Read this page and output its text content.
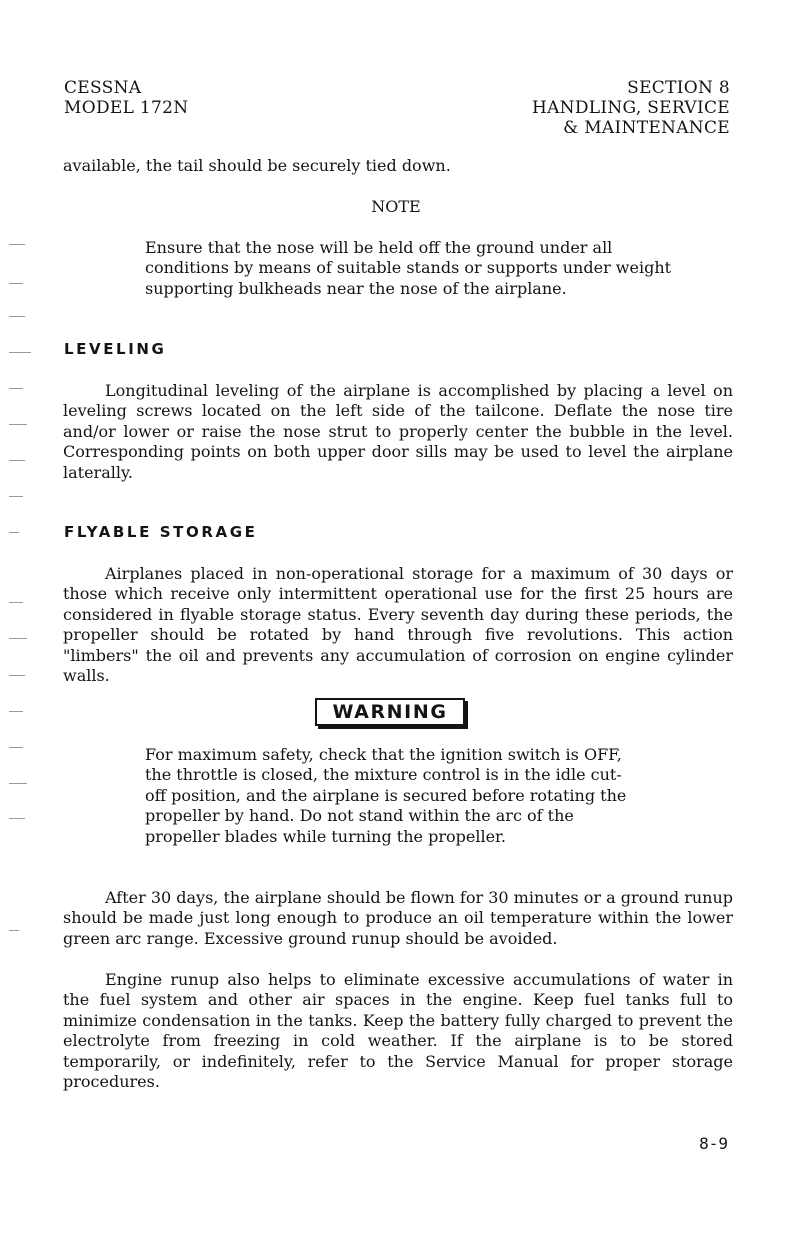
CESSNA
MODEL 172N
SECTION 8
HANDLING, SERVICE
& MAINTENANCE

available, the tail should be securely tied down.

NOTE

Ensure that the nose will be held off the ground under all conditions by means of suitable stands or supports under weight supporting bulkheads near the nose of the airplane.

LEVELING

Longitudinal leveling of the airplane is accomplished by placing a level on leveling screws located on the left side of the tailcone. Deflate the nose tire and/or lower or raise the nose strut to properly center the bubble in the level. Corresponding points on both upper door sills may be used to level the airplane laterally.

FLYABLE STORAGE

Airplanes placed in non-operational storage for a maximum of 30 days or those which receive only intermittent operational use for the first 25 hours are considered in flyable storage status. Every seventh day during these periods, the propeller should be rotated by hand through five revolutions. This action "limbers" the oil and prevents any accumulation of corrosion on engine cylinder walls.

WARNING

For maximum safety, check that the ignition switch is OFF, the throttle is closed, the mixture control is in the idle cut-off position, and the airplane is secured before rotating the propeller by hand. Do not stand within the arc of the propeller blades while turning the propeller.

After 30 days, the airplane should be flown for 30 minutes or a ground runup should be made just long enough to produce an oil temperature within the lower green arc range. Excessive ground runup should be avoided.

Engine runup also helps to eliminate excessive accumulations of water in the fuel system and other air spaces in the engine. Keep fuel tanks full to minimize condensation in the tanks. Keep the battery fully charged to prevent the electrolyte from freezing in cold weather. If the airplane is to be stored temporarily, or indefinitely, refer to the Service Manual for proper storage procedures.

8-9
